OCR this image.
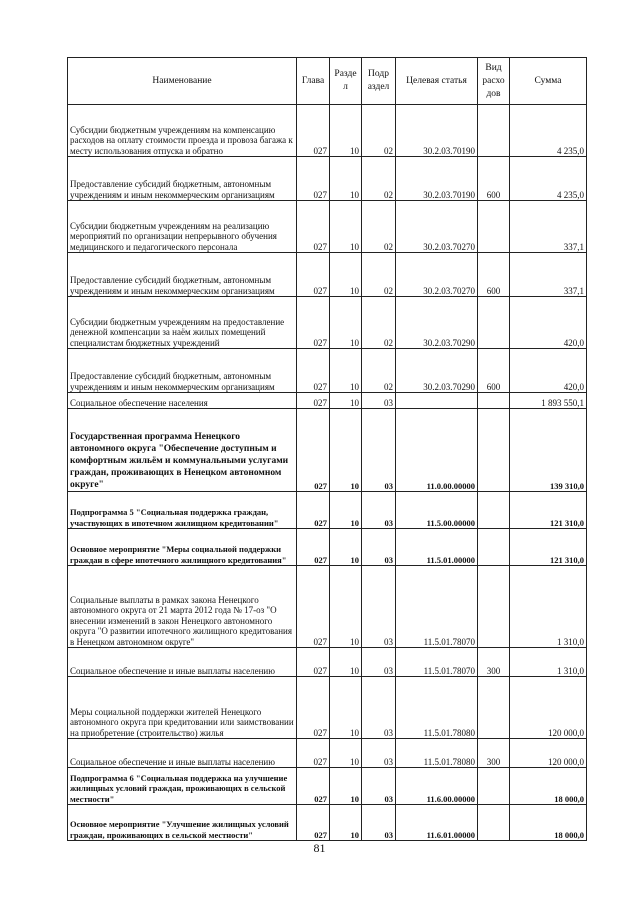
Наименование	Глава	Разде л	Подр аздел	Целевая статья	Вид расхо дов	Сумма
Субсидии бюджетным учреждениям на компенсацию расходов на оплату стоимости проезда и провоза багажа к месту использования отпуска и обратно	027	10	02	30.2.03.70190		4 235,0
Предоставление субсидий бюджетным, автономным учреждениям и иным некоммерческим организациям	027	10	02	30.2.03.70190	600	4 235,0
Субсидии бюджетным учреждениям на реализацию мероприятий по организации непрерывного обучения медицинского и педагогического персонала	027	10	02	30.2.03.70270		337,1
Предоставление субсидий бюджетным, автономным учреждениям и иным некоммерческим организациям	027	10	02	30.2.03.70270	600	337,1
Субсидии бюджетным учреждениям на предоставление денежной компенсации за наём жилых помещений специалистам бюджетных учреждений	027	10	02	30.2.03.70290		420,0
Предоставление субсидий бюджетным, автономным учреждениям и иным некоммерческим организациям	027	10	02	30.2.03.70290	600	420,0
Социальное обеспечение населения	027	10	03			1 893 550,1
Государственная программа Ненецкого автономного округа "Обеспечение доступным и комфортным жильём и коммунальными услугами граждан, проживающих в Ненецком автономном округе"	027	10	03	11.0.00.00000		139 310,0
Подпрограмма 5 "Социальная поддержка граждан, участвующих в ипотечном жилищном кредитовании"	027	10	03	11.5.00.00000		121 310,0
Основное мероприятие "Меры социальной поддержки граждан в сфере ипотечного жилищного кредитования"	027	10	03	11.5.01.00000		121 310,0
Социальные выплаты в рамках закона Ненецкого автономного округа от 21 марта 2012 года № 17-оз "О внесении изменений в закон Ненецкого автономного округа "О развитии ипотечного жилищного кредитования в Ненецком автономном округе"	027	10	03	11.5.01.78070		1 310,0
Социальное обеспечение и иные выплаты населению	027	10	03	11.5.01.78070	300	1 310,0
Меры социальной поддержки жителей Ненецкого автономного округа при кредитовании или заимствовании на приобретение (строительство) жилья	027	10	03	11.5.01.78080		120 000,0
Социальное обеспечение и иные выплаты населению	027	10	03	11.5.01.78080	300	120 000,0
Подпрограмма 6 "Социальная поддержка на улучшение жилищных условий граждан, проживающих в сельской местности"	027	10	03	11.6.00.00000		18 000,0
Основное мероприятие "Улучшение жилищных условий граждан, проживающих в сельской местности"	027	10	03	11.6.01.00000		18 000,0
81
